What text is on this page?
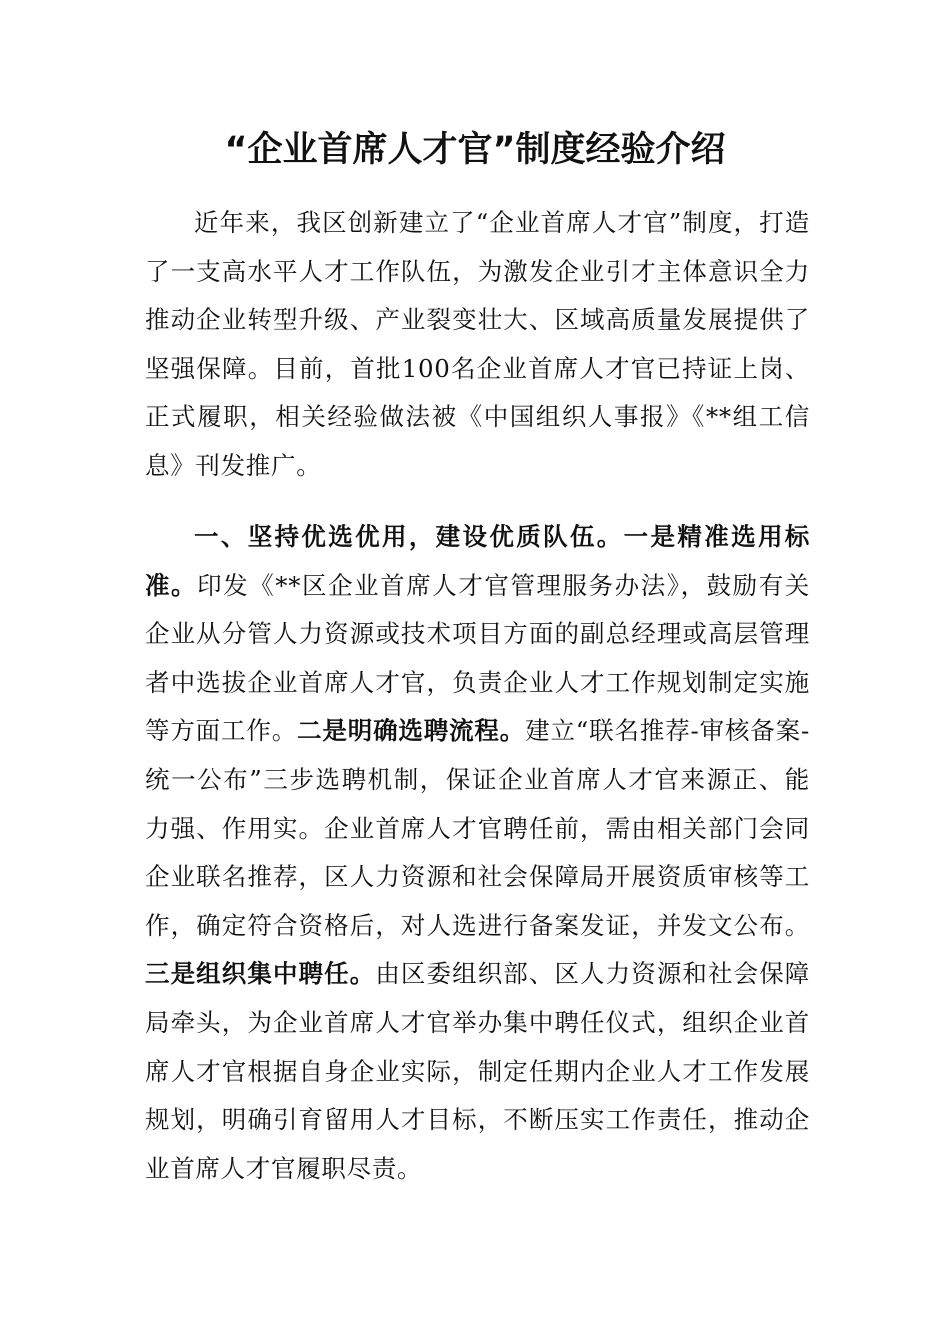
“企业首席人才官”制度经验介绍

近年来，我区创新建立了“企业首席人才官”制度，打造了一支高水平人才工作队伍，为激发企业引才主体意识全力推动企业转型升级、产业裂变壮大、区域高质量发展提供了坚强保障。目前，首批100名企业首席人才官已持证上岗、正式履职，相关经验做法被《中国组织人事报》《**组工信息》刊发推广。

一、坚持优选优用，建设优质队伍。一是精准选用标准。印发《**区企业首席人才官管理服务办法》，鼓励有关企业从分管人力资源或技术项目方面的副总经理或高层管理者中选拔企业首席人才官，负责企业人才工作规划制定实施等方面工作。二是明确选聘流程。建立“联名推荐-审核备案-统一公布”三步选聘机制，保证企业首席人才官来源正、能力强、作用实。企业首席人才官聘任前，需由相关部门会同企业联名推荐，区人力资源和社会保障局开展资质审核等工作，确定符合资格后，对人选进行备案发证，并发文公布。三是组织集中聘任。由区委组织部、区人力资源和社会保障局牵头，为企业首席人才官举办集中聘任仪式，组织企业首席人才官根据自身企业实际，制定任期内企业人才工作发展规划，明确引育留用人才目标，不断压实工作责任，推动企业首席人才官履职尽责。
